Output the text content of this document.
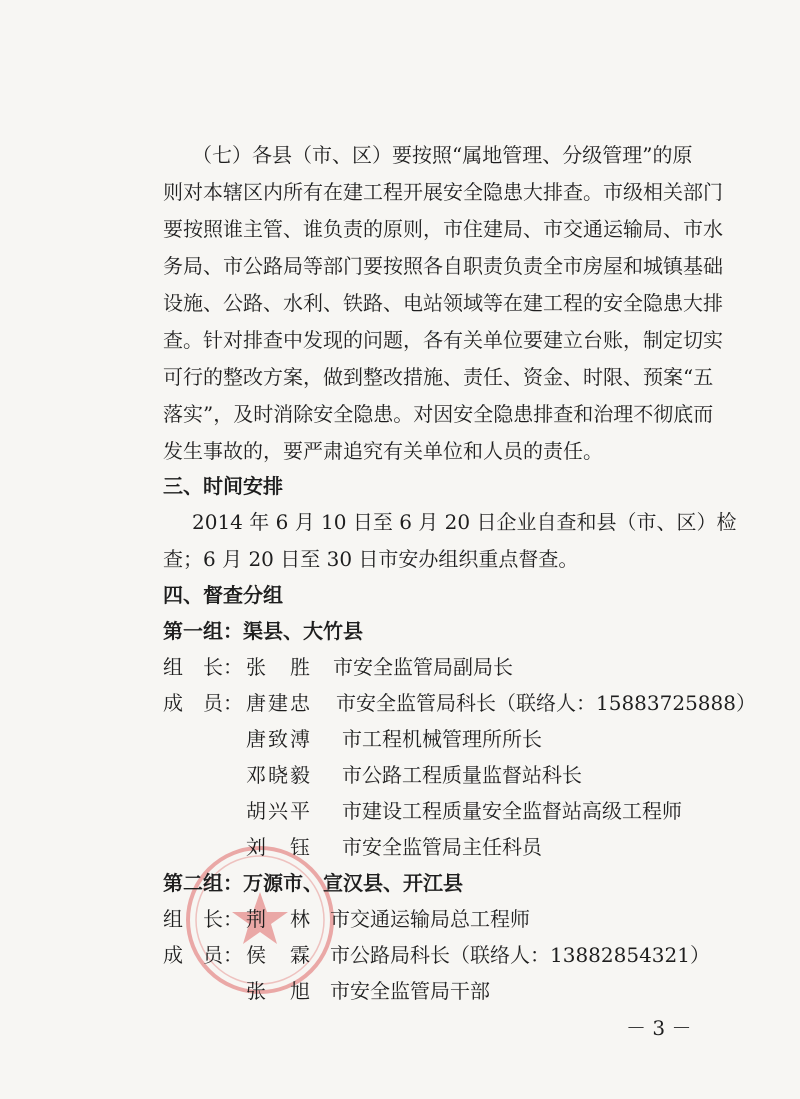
（七）各县（市、区）要按照“属地管理、分级管理”的原
则对本辖区内所有在建工程开展安全隐患大排查。市级相关部门
要按照谁主管、谁负责的原则，市住建局、市交通运输局、市水
务局、市公路局等部门要按照各自职责负责全市房屋和城镇基础
设施、公路、水利、铁路、电站领域等在建工程的安全隐患大排
查。针对排查中发现的问题，各有关单位要建立台账，制定切实
可行的整改方案，做到整改措施、责任、资金、时限、预案“五
落实”，及时消除安全隐患。对因安全隐患排查和治理不彻底而
发生事故的，要严肃追究有关单位和人员的责任。
三、时间安排
2014 年 6 月 10 日至 6 月 20 日企业自查和县（市、区）检
查；6 月 20 日至 30 日市安办组织重点督查。
四、督查分组
第一组：渠县、大竹县
组　长： 张　胜 市安全监管局副局长
成　员： 唐建忠 市安全监管局科长（联络人：15883725888）
唐致溥 市工程机械管理所所长
邓晓毅 市公路工程质量监督站科长
胡兴平 市建设工程质量安全监督站高级工程师
刘　钰 市安全监管局主任科员
第二组：万源市、宣汉县、开江县
组　长： 荆　林 市交通运输局总工程师
成　员： 侯　霖 市公路局科长（联络人：13882854321）
张　旭 市安全监管局干部
－ 3 －
